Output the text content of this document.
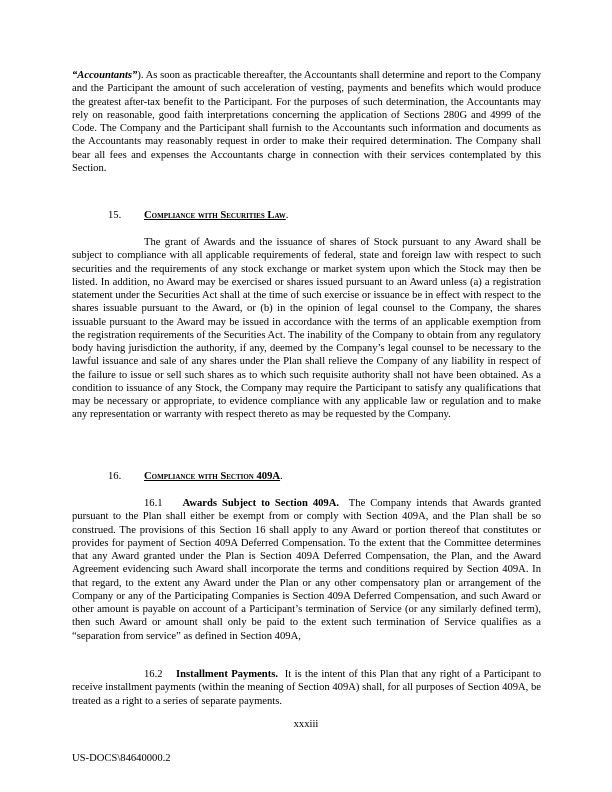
“Accountants”). As soon as practicable thereafter, the Accountants shall determine and report to the Company and the Participant the amount of such acceleration of vesting, payments and benefits which would produce the greatest after-tax benefit to the Participant. For the purposes of such determination, the Accountants may rely on reasonable, good faith interpretations concerning the application of Sections 280G and 4999 of the Code. The Company and the Participant shall furnish to the Accountants such information and documents as the Accountants may reasonably request in order to make their required determination. The Company shall bear all fees and expenses the Accountants charge in connection with their services contemplated by this Section.

15. Compliance with Securities Law.

The grant of Awards and the issuance of shares of Stock pursuant to any Award shall be subject to compliance with all applicable requirements of federal, state and foreign law with respect to such securities and the requirements of any stock exchange or market system upon which the Stock may then be listed. In addition, no Award may be exercised or shares issued pursuant to an Award unless (a) a registration statement under the Securities Act shall at the time of such exercise or issuance be in effect with respect to the shares issuable pursuant to the Award, or (b) in the opinion of legal counsel to the Company, the shares issuable pursuant to the Award may be issued in accordance with the terms of an applicable exemption from the registration requirements of the Securities Act. The inability of the Company to obtain from any regulatory body having jurisdiction the authority, if any, deemed by the Company’s legal counsel to be necessary to the lawful issuance and sale of any shares under the Plan shall relieve the Company of any liability in respect of the failure to issue or sell such shares as to which such requisite authority shall not have been obtained. As a condition to issuance of any Stock, the Company may require the Participant to satisfy any qualifications that may be necessary or appropriate, to evidence compliance with any applicable law or regulation and to make any representation or warranty with respect thereto as may be requested by the Company.

16. Compliance with Section 409A.

16.1 Awards Subject to Section 409A. The Company intends that Awards granted pursuant to the Plan shall either be exempt from or comply with Section 409A, and the Plan shall be so construed. The provisions of this Section 16 shall apply to any Award or portion thereof that constitutes or provides for payment of Section 409A Deferred Compensation. To the extent that the Committee determines that any Award granted under the Plan is Section 409A Deferred Compensation, the Plan, and the Award Agreement evidencing such Award shall incorporate the terms and conditions required by Section 409A. In that regard, to the extent any Award under the Plan or any other compensatory plan or arrangement of the Company or any of the Participating Companies is Section 409A Deferred Compensation, and such Award or other amount is payable on account of a Participant’s termination of Service (or any similarly defined term), then such Award or amount shall only be paid to the extent such termination of Service qualifies as a “separation from service” as defined in Section 409A,

16.2 Installment Payments. It is the intent of this Plan that any right of a Participant to receive installment payments (within the meaning of Section 409A) shall, for all purposes of Section 409A, be treated as a right to a series of separate payments.

xxxiii

US-DOCS\84640000.2
